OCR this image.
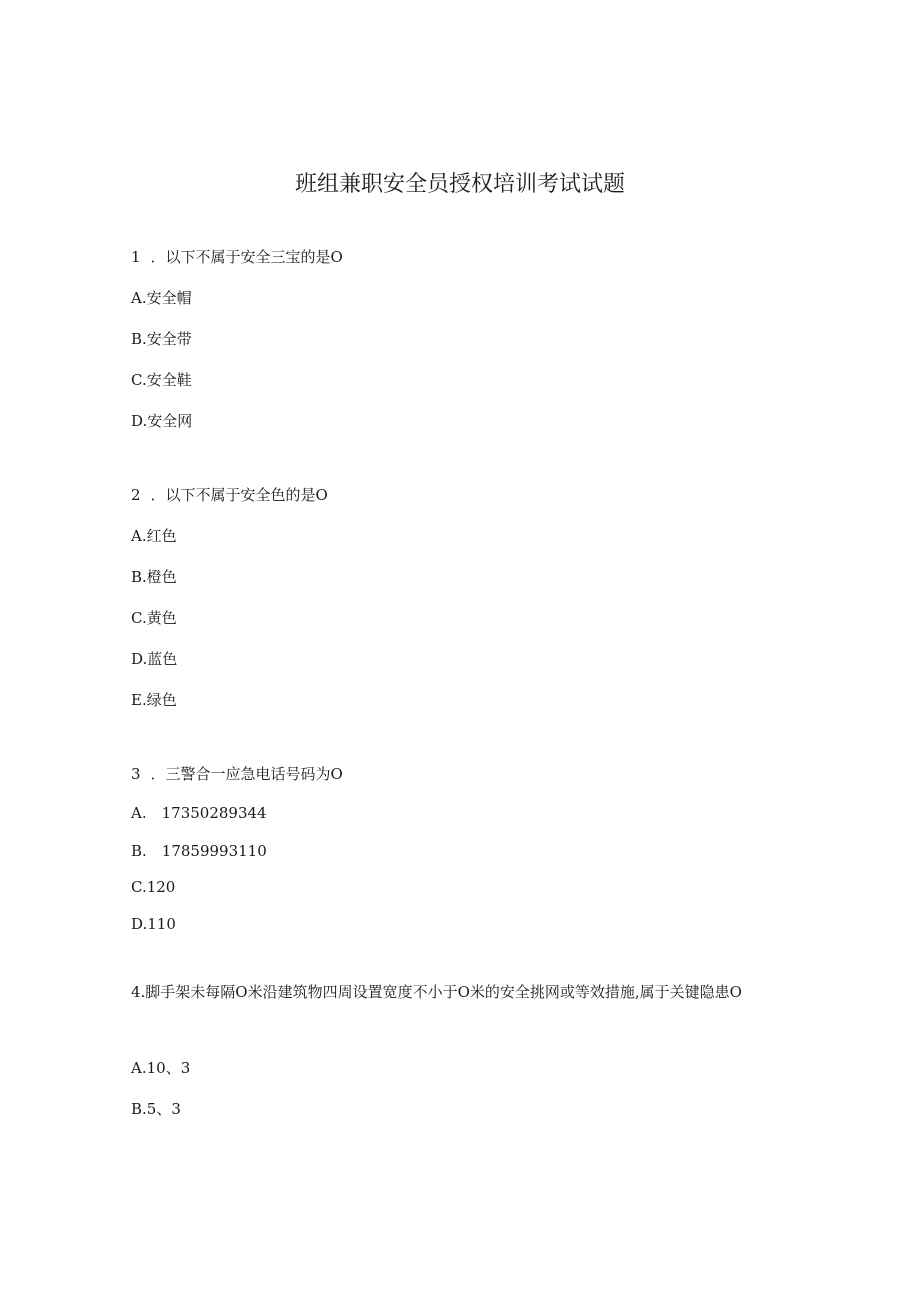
班组兼职安全员授权培训考试试题
1 ．以下不属于安全三宝的是O
A.安全帽
B.安全带
C.安全鞋
D.安全网
2 ．以下不属于安全色的是O
A.红色
B.橙色
C.黄色
D.蓝色
E.绿色
3 ．三警合一应急电话号码为O
A.　17350289344
B.　17859993110
C.120
D.110
4.脚手架未每隔O米沿建筑物四周设置宽度不小于O米的安全挑网或等效措施,属于关键隐患O
A.10、3
B.5、3
